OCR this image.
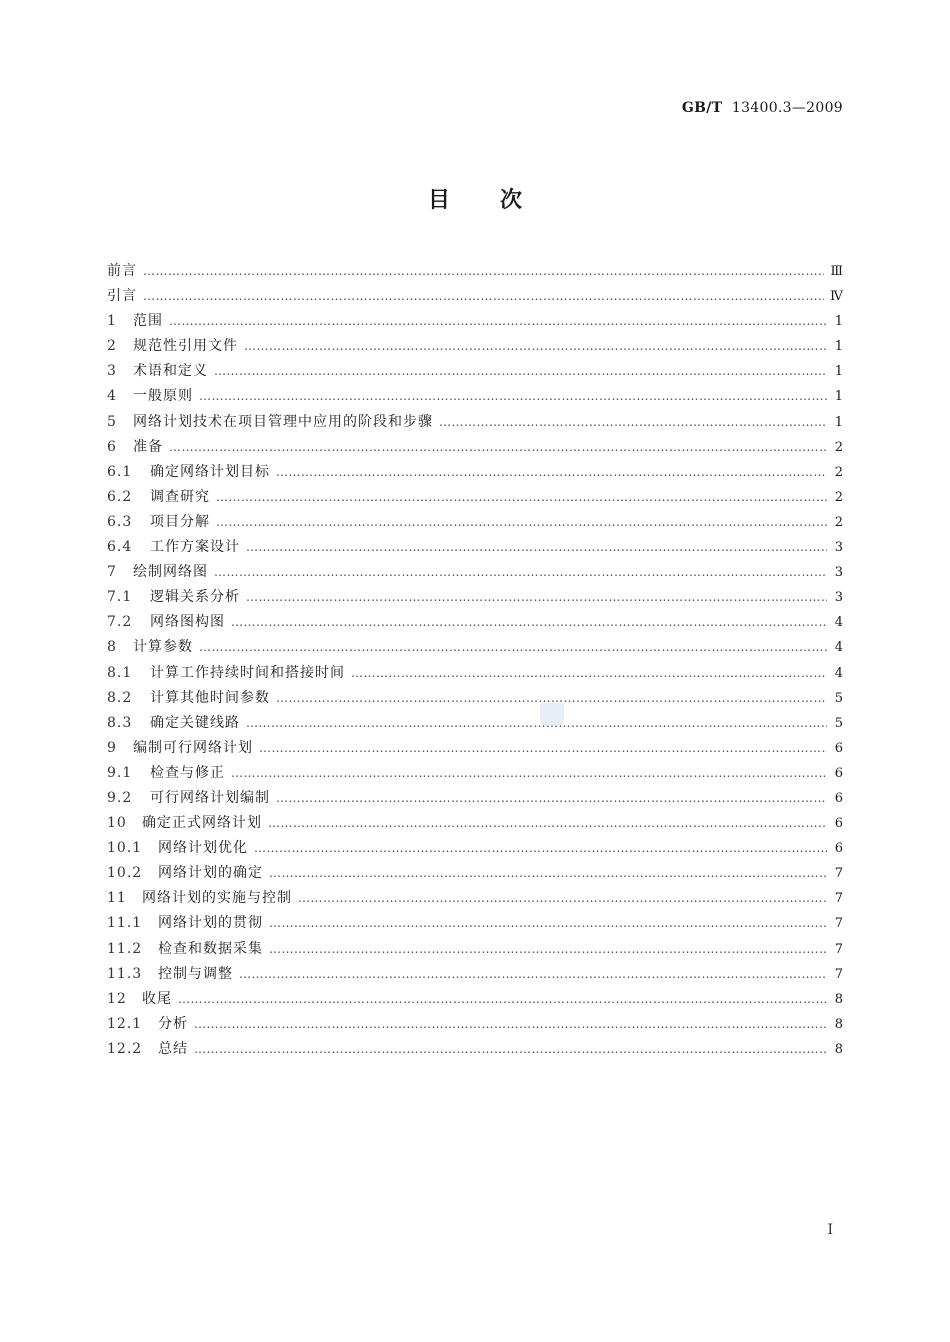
GB/T 13400.3—2009
目次
前言 ……………………………………………………………………………………………………………………………………………………………………………………………………………………………………………	Ⅲ
引言 ……………………………………………………………………………………………………………………………………………………………………………………………………………………………………………	Ⅳ
1	范围 ……………………………………………………………………………………………………………………………………………………………………………………………………………………………………………	1
2	规范性引用文件 ……………………………………………………………………………………………………………………………………………………………………………………………………………………………………………	1
3	术语和定义 ……………………………………………………………………………………………………………………………………………………………………………………………………………………………………………	1
4	一般原则 ……………………………………………………………………………………………………………………………………………………………………………………………………………………………………………	1
5	网络计划技术在项目管理中应用的阶段和步骤 ……………………………………………………………………………………………………………………………………………………………………………………………………………………………………………	1
6	准备 ……………………………………………………………………………………………………………………………………………………………………………………………………………………………………………	2
6.1	确定网络计划目标 ……………………………………………………………………………………………………………………………………………………………………………………………………………………………………………	2
6.2	调查研究 ……………………………………………………………………………………………………………………………………………………………………………………………………………………………………………	2
6.3	项目分解 ……………………………………………………………………………………………………………………………………………………………………………………………………………………………………………	2
6.4	工作方案设计 ……………………………………………………………………………………………………………………………………………………………………………………………………………………………………………	3
7	绘制网络图 ……………………………………………………………………………………………………………………………………………………………………………………………………………………………………………	3
7.1	逻辑关系分析 ……………………………………………………………………………………………………………………………………………………………………………………………………………………………………………	3
7.2	网络图构图 ……………………………………………………………………………………………………………………………………………………………………………………………………………………………………………	4
8	计算参数 ……………………………………………………………………………………………………………………………………………………………………………………………………………………………………………	4
8.1	计算工作持续时间和搭接时间 ……………………………………………………………………………………………………………………………………………………………………………………………………………………………………………	4
8.2	计算其他时间参数 ……………………………………………………………………………………………………………………………………………………………………………………………………………………………………………	5
8.3	确定关键线路 ……………………………………………………………………………………………………………………………………………………………………………………………………………………………………………	5
9	编制可行网络计划 ……………………………………………………………………………………………………………………………………………………………………………………………………………………………………………	6
9.1	检查与修正 ……………………………………………………………………………………………………………………………………………………………………………………………………………………………………………	6
9.2	可行网络计划编制 ……………………………………………………………………………………………………………………………………………………………………………………………………………………………………………	6
10	确定正式网络计划 ……………………………………………………………………………………………………………………………………………………………………………………………………………………………………………	6
10.1	网络计划优化 ……………………………………………………………………………………………………………………………………………………………………………………………………………………………………………	6
10.2	网络计划的确定 ……………………………………………………………………………………………………………………………………………………………………………………………………………………………………………	7
11	网络计划的实施与控制 ……………………………………………………………………………………………………………………………………………………………………………………………………………………………………………	7
11.1	网络计划的贯彻 ……………………………………………………………………………………………………………………………………………………………………………………………………………………………………………	7
11.2	检查和数据采集 ……………………………………………………………………………………………………………………………………………………………………………………………………………………………………………	7
11.3	控制与调整 ……………………………………………………………………………………………………………………………………………………………………………………………………………………………………………	7
12	收尾 ……………………………………………………………………………………………………………………………………………………………………………………………………………………………………………	8
12.1	分析 ……………………………………………………………………………………………………………………………………………………………………………………………………………………………………………	8
12.2	总结 ……………………………………………………………………………………………………………………………………………………………………………………………………………………………………………	8
I
